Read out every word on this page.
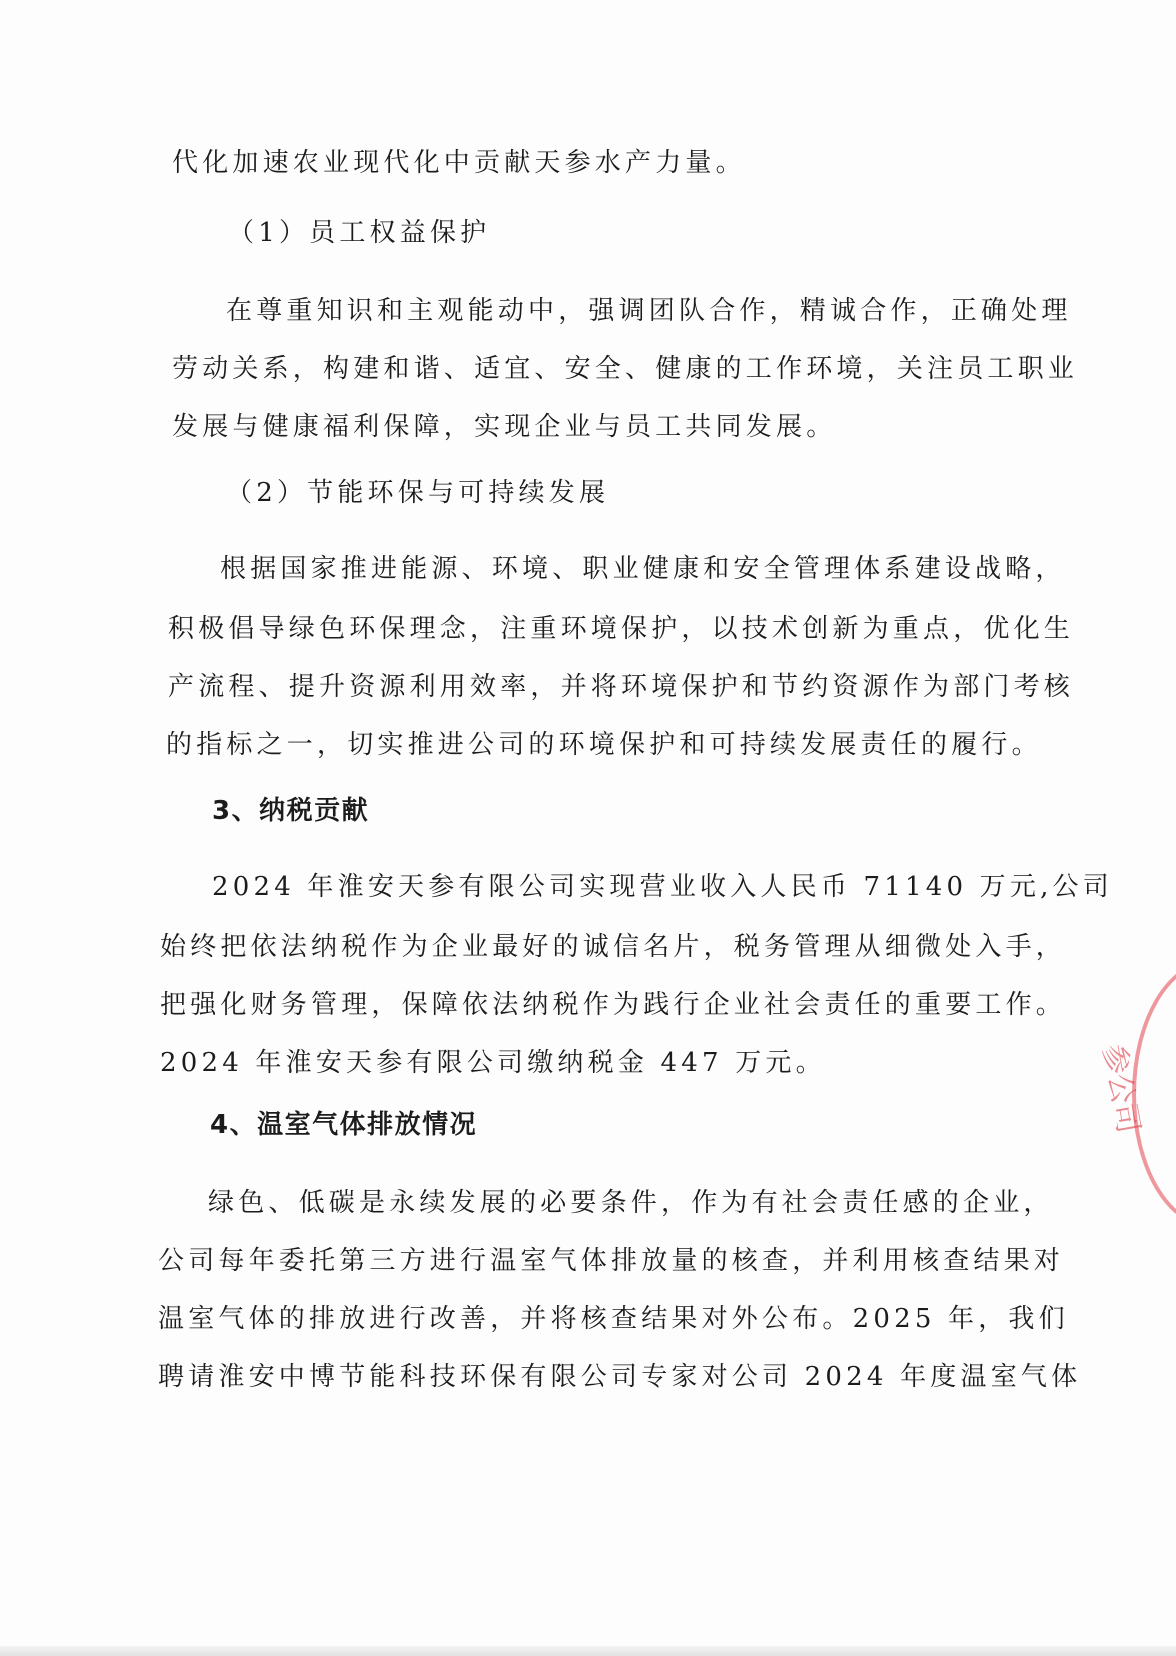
代化加速农业现代化中贡献天参水产力量。
（1）员工权益保护
在尊重知识和主观能动中，强调团队合作，精诚合作，正确处理
劳动关系，构建和谐、适宜、安全、健康的工作环境，关注员工职业
发展与健康福利保障，实现企业与员工共同发展。
（2）节能环保与可持续发展
根据国家推进能源、环境、职业健康和安全管理体系建设战略，
积极倡导绿色环保理念，注重环境保护，以技术创新为重点，优化生
产流程、提升资源利用效率，并将环境保护和节约资源作为部门考核
的指标之一，切实推进公司的环境保护和可持续发展责任的履行。
3、纳税贡献
2024 年淮安天参有限公司实现营业收入人民币 71140 万元,公司
始终把依法纳税作为企业最好的诚信名片，税务管理从细微处入手，
把强化财务管理，保障依法纳税作为践行企业社会责任的重要工作。
2024 年淮安天参有限公司缴纳税金 447 万元。
4、温室气体排放情况
绿色、低碳是永续发展的必要条件，作为有社会责任感的企业，
公司每年委托第三方进行温室气体排放量的核查，并利用核查结果对
温室气体的排放进行改善，并将核查结果对外公布。2025 年，我们
聘请淮安中博节能科技环保有限公司专家对公司 2024 年度温室气体
参公司
